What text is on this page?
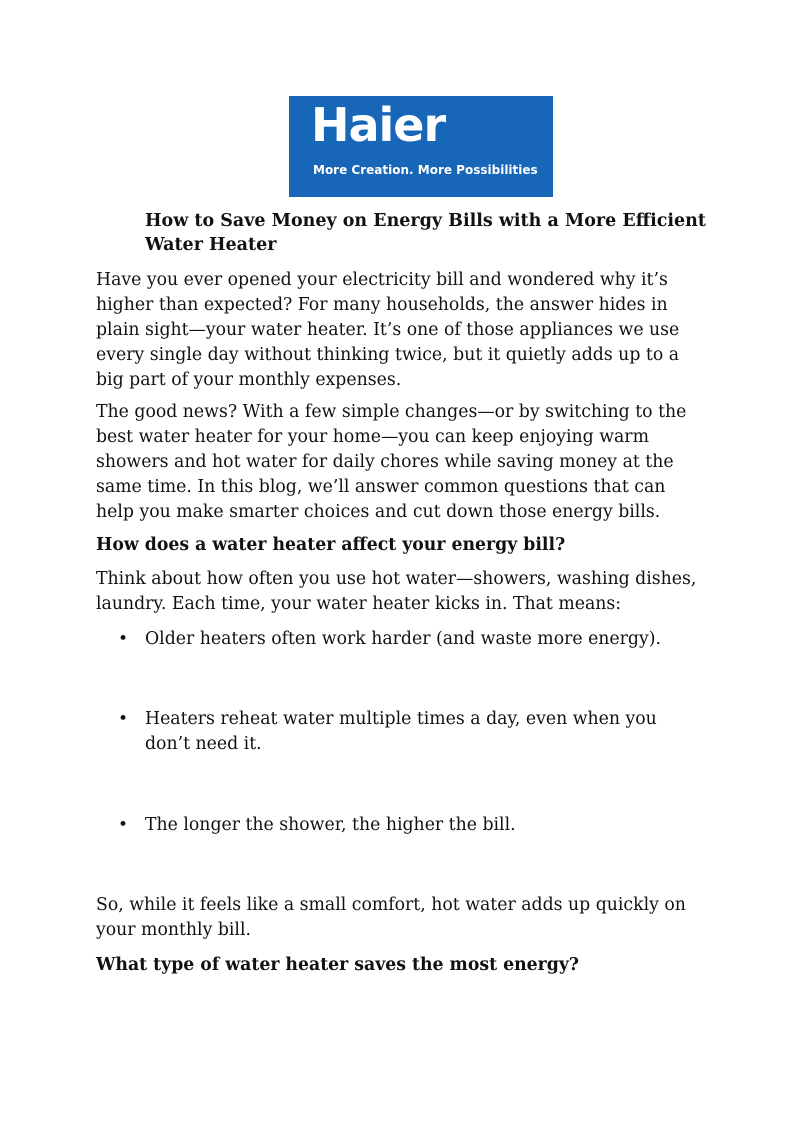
Haier
More Creation. More Possibilities
How to Save Money on Energy Bills with a More Efficient Water Heater

Have you ever opened your electricity bill and wondered why it’s higher than expected? For many households, the answer hides in plain sight—your water heater. It’s one of those appliances we use every single day without thinking twice, but it quietly adds up to a big part of your monthly expenses.

The good news? With a few simple changes—or by switching to the best water heater for your home—you can keep enjoying warm showers and hot water for daily chores while saving money at the same time. In this blog, we’ll answer common questions that can help you make smarter choices and cut down those energy bills.

How does a water heater affect your energy bill?

Think about how often you use hot water—showers, washing dishes, laundry. Each time, your water heater kicks in. That means:

• Older heaters often work harder (and waste more energy).
• Heaters reheat water multiple times a day, even when you don’t need it.
• The longer the shower, the higher the bill.

So, while it feels like a small comfort, hot water adds up quickly on your monthly bill.

What type of water heater saves the most energy?
